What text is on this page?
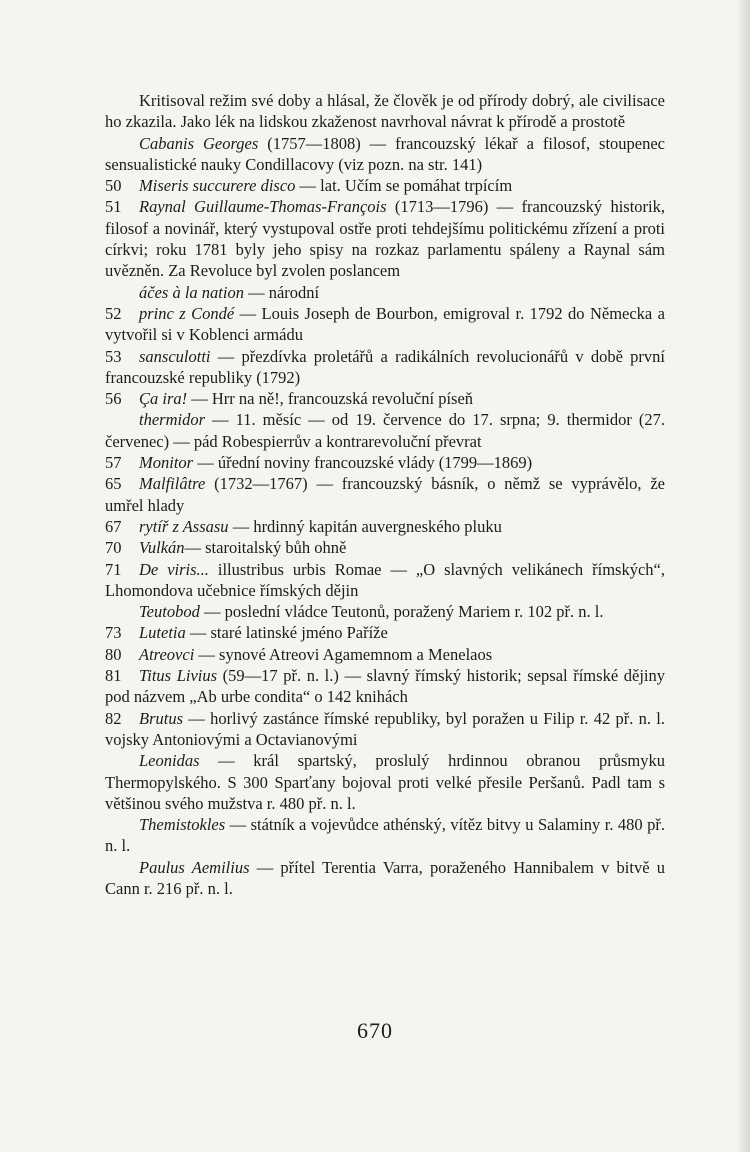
Kritisoval režim své doby a hlásal, že člověk je od přírody dobrý, ale civilisace ho zkazila. Jako lék na lidskou zkaženost navrhoval návrat k přírodě a prostotě

Cabanis Georges (1757—1808) — francouzský lékař a filosof, stoupenec sensualistické nauky Condillacovy (viz pozn. na str. 141)

50	Miseris succurere disco — lat. Učím se pomáhat trpícím

51	Raynal Guillaume-Thomas-François (1713—1796) — francouzský historik, filosof a novinář, který vystupoval ostře proti tehdejšímu politickému zřízení a proti církvi; roku 1781 byly jeho spisy na rozkaz parlamentu spáleny a Raynal sám uvězněn. Za Revoluce byl zvolen poslancem

áčes à la nation — národní

52	princ z Condé — Louis Joseph de Bourbon, emigroval r. 1792 do Německa a vytvořil si v Koblenci armádu

53	sansculotti — přezdívka proletářů a radikálních revolucionářů v době první francouzské republiky (1792)

56	Ça ira! — Hrr na ně!, francouzská revoluční píseň

thermidor — 11. měsíc — od 19. července do 17. srpna; 9. thermidor (27. červenec) — pád Robespierrův a kontrarevoluční převrat

57	Monitor — úřední noviny francouzské vlády (1799—1869)

65	Malfilâtre (1732—1767) — francouzský básník, o němž se vyprávělo, že umřel hlady

67	rytíř z Assasu — hrdinný kapitán auvergneského pluku

70	Vulkán— staroitalský bůh ohně

71	De viris... illustribus urbis Romae — „O slavných velikánech římských“, Lhomondova učebnice římských dějin

Teutobod — poslední vládce Teutonů, poražený Mariem r. 102 př. n. l.

73	Lutetia — staré latinské jméno Paříže

80	Atreovci — synové Atreovi Agamemnom a Menelaos

81	Titus Livius (59—17 př. n. l.) — slavný římský historik; sepsal římské dějiny pod názvem „Ab urbe condita“ o 142 knihách

82	Brutus — horlivý zastánce římské republiky, byl poražen u Filip r. 42 př. n. l. vojsky Antoniovými a Octavianovými

Leonidas — král spartský, proslulý hrdinnou obranou průsmyku Thermopylského. S 300 Sparťany bojoval proti velké přesile Peršanů. Padl tam s většinou svého mužstva r. 480 př. n. l.

Themistokles — státník a vojevůdce athénský, vítěz bitvy u Salaminy r. 480 př. n. l.

Paulus Aemilius — přítel Terentia Varra, poraženého Hannibalem v bitvě u Cann r. 216 př. n. l.

670
